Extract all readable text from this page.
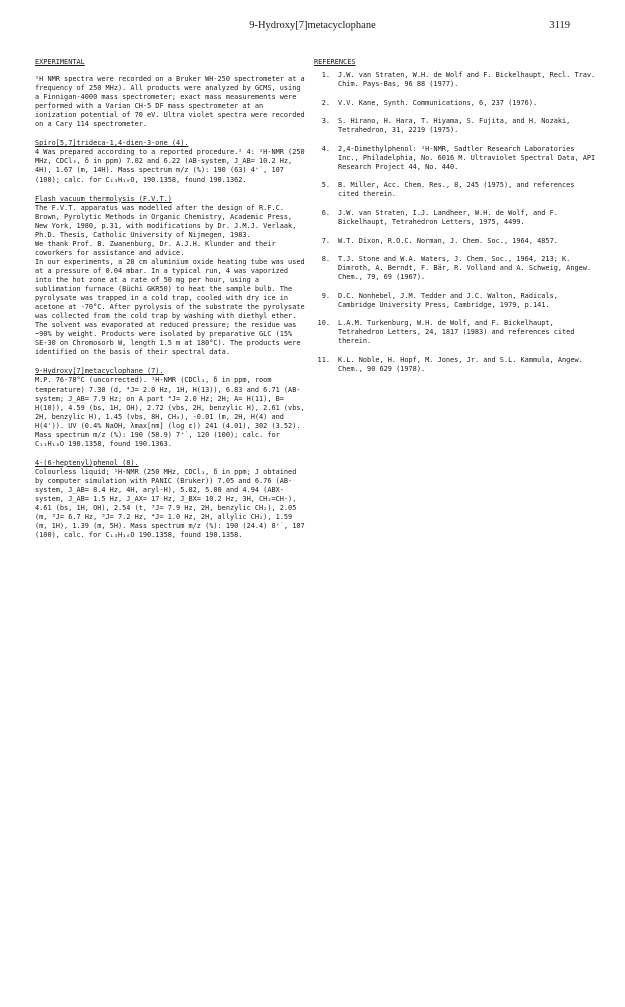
9-Hydroxy[7]metacyclophane	3119

EXPERIMENTAL

¹H NMR spectra were recorded on a Bruker WH-250 spectrometer at a frequency of 250 MHz). All products were analyzed by GCMS, using a Finnigan-4000 mass spectrometer; exact mass measurements were performed with a Varian CH-5 DF mass spectrometer at an ionization potential of 70 eV. Ultra violet spectra were recorded on a Cary 114 spectrometer.

Spiro[5,7]trideca-1,4-dien-3-one (4).

4 Was prepared according to a reported procedure.² 4: ¹H-NMR (250 MHz, CDCl₃, δ in ppm) 7.02 and 6.22 (AB-system, J_AB= 10.2 Hz, 4H), 1.67 (m, 14H). Mass spectrum m/z (%): 190 (63) 4⁺˙, 107 (100); calc. for C₁₃H₁₈O, 190.1358, found 190.1362.

Flash vacuum thermolysis (F.V.T.)

The F.V.T. apparatus was modelled after the design of R.F.C. Brown, Pyrolytic Methods in Organic Chemistry, Academic Press, New York, 1980, p.31, with modifications by Dr. J.M.J. Verlaak, Ph.D. Thesis, Catholic University of Nijmegen, 1983.

We thank Prof. B. Zwanenburg, Dr. A.J.H. Klunder and their coworkers for assistance and advice.

In our experiments, a 28 cm aluminium oxide heating tube was used at a pressure of 0.04 mbar. In a typical run, 4 was vaporized into the hot zone at a rate of 50 mg per hour, using a sublimation furnace (Büchi GKR50) to heat the sample bulb. The pyrolysate was trapped in a cold trap, cooled with dry ice in acetone at -70°C. After pyrolysis of the substrate the pyrolysate was collected from the cold trap by washing with diethyl ether. The solvent was evaporated at reduced pressure; the residue was ~90% by weight. Products were isolated by preparative GLC (15% SE-30 on Chromosorb W, length 1.5 m at 180°C). The products were identified on the basis of their spectral data.

9-Hydroxy[7]metacyclophane (7).

M.P. 76-78°C (uncorrected). ¹H-NMR (CDCl₃, δ in ppm, room temperature) 7.30 (d, ⁴J= 2.0 Hz, 1H, H(13)), 6.83 and 6.71 (AB-system; J_AB= 7.9 Hz; on A part ⁴J= 2.0 Hz; 2H; A= H(11), B= H(10)), 4.59 (bs, 1H, OH), 2.72 (vbs, 2H, benzylic H), 2.61 (vbs, 2H, benzylic H), 1.45 (vbs, 8H, CH₂), -0.01 (m, 2H, H(4) and H(4')). UV (0.4% NaOH, λmax[nm] (log ε)) 241 (4.01), 302 (3.52). Mass spectrum m/z (%): 190 (58.9) 7⁺˙, 120 (100); calc. for C₁₃H₁₈O 190.1358, found 190.1363.

4-(6-heptenyl)phenol (8).

Colourless liquid; ¹H-NMR (250 MHz, CDCl₃, δ in ppm; J obtained by computer simulation with PANIC (Bruker)) 7.05 and 6.76 (AB-system, J_AB= 8.4 Hz, 4H, aryl-H), 5.82, 5.00 and 4.94 (ABX-system, J_AB= 1.5 Hz, J_AX= 17 Hz, J_BX= 10.2 Hz, 3H, CH₂=CH-), 4.61 (bs, 1H, OH), 2.54 (t, ³J= 7.9 Hz, 2H, benzylic CH₂), 2.05 (m, ³J= 6.7 Hz, ³J= 7.2 Hz, ⁴J= 1.0 Hz, 2H, allylic CH₂), 1.59 (m, 1H), 1.39 (m, 5H). Mass spectrum m/z (%): 190 (24.4) 8⁺˙, 107 (100), calc. for C₁₃H₁₈O 190.1358, found 190.1358.

REFERENCES

1. J.W. van Straten, W.H. de Wolf and F. Bickelhaupt, Recl. Trav. Chim. Pays-Bas, 96 88 (1977).
2. V.V. Kane, Synth. Communications, 6, 237 (1976).
3. S. Hirano, H. Hara, T. Hiyama, S. Fujita, and H. Nozaki, Tetrahedron, 31, 2219 (1975).
4. 2,4-Dimethylphenol: ¹H-NMR, Sadtler Research Laboratories Inc., Philadelphia, No. 6016 M. Ultraviolet Spectral Data, API Research Project 44, No. 440.
5. B. Miller, Acc. Chem. Res., 8, 245 (1975), and references cited therein.
6. J.W. van Straten, I.J. Landheer, W.H. de Wolf, and F. Bickelhaupt, Tetrahedron Letters, 1975, 4499.
7. W.T. Dixon, R.O.C. Norman, J. Chem. Soc., 1964, 4857.
8. T.J. Stone and W.A. Waters, J. Chem. Soc., 1964, 213; K. Dimroth, A. Berndt, F. Bär, R. Volland and A. Schweig, Angew. Chem., 79, 69 (1967).
9. D.C. Nonhebel, J.M. Tedder and J.C. Walton, Radicals, Cambridge University Press, Cambridge, 1979, p.141.
10. L.A.M. Turkenburg, W.H. de Wolf, and F. Bickelhaupt, Tetrahedron Letters, 24, 1817 (1983) and references cited therein.
11. K.L. Noble, H. Hopf, M. Jones, Jr. and S.L. Kammula, Angew. Chem., 90 629 (1978).
